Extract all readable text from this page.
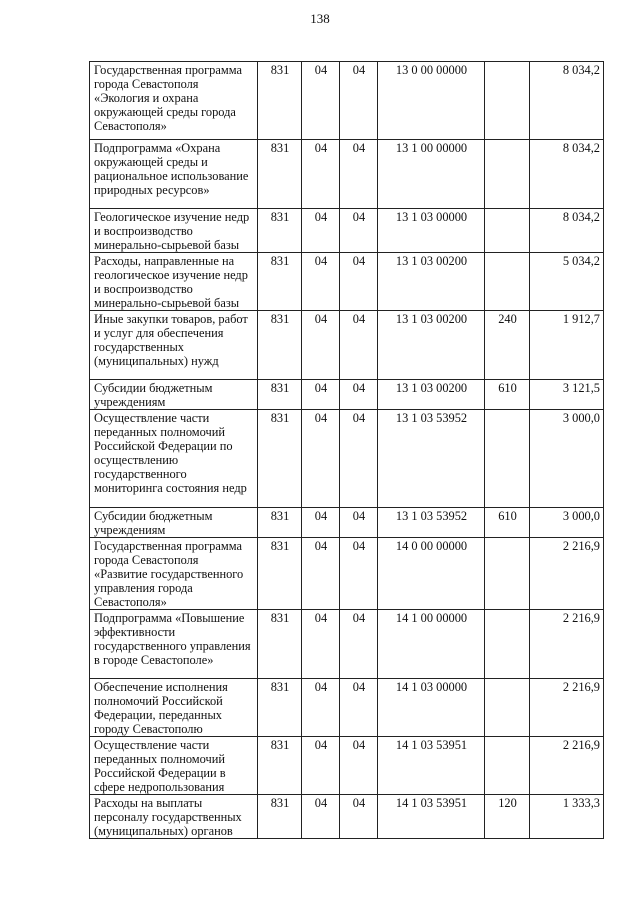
138
Государственная программа города Севастополя «Экология и охрана окружающей среды города Севастополя»	831	04	04	13 0 00 00000		8 034,2
Подпрограмма «Охрана окружающей среды и рациональное использование природных ресурсов»	831	04	04	13 1 00 00000		8 034,2
Геологическое изучение недр и воспроизводство минерально-сырьевой базы	831	04	04	13 1 03 00000		8 034,2
Расходы, направленные на геологическое изучение недр и воспроизводство минерально-сырьевой базы	831	04	04	13 1 03 00200		5 034,2
Иные закупки товаров, работ и услуг для обеспечения государственных (муниципальных) нужд	831	04	04	13 1 03 00200	240	1 912,7
Субсидии бюджетным учреждениям	831	04	04	13 1 03 00200	610	3 121,5
Осуществление части переданных полномочий Российской Федерации по осуществлению государственного мониторинга состояния недр	831	04	04	13 1 03 53952		3 000,0
Субсидии бюджетным учреждениям	831	04	04	13 1 03 53952	610	3 000,0
Государственная программа города Севастополя «Развитие государственного управления города Севастополя»	831	04	04	14 0 00 00000		2 216,9
Подпрограмма «Повышение эффективности государственного управления в городе Севастополе»	831	04	04	14 1 00 00000		2 216,9
Обеспечение исполнения полномочий Российской Федерации, переданных городу Севастополю	831	04	04	14 1 03 00000		2 216,9
Осуществление части переданных полномочий Российской Федерации в сфере недропользования	831	04	04	14 1 03 53951		2 216,9
Расходы на выплаты персоналу государственных (муниципальных) органов	831	04	04	14 1 03 53951	120	1 333,3
